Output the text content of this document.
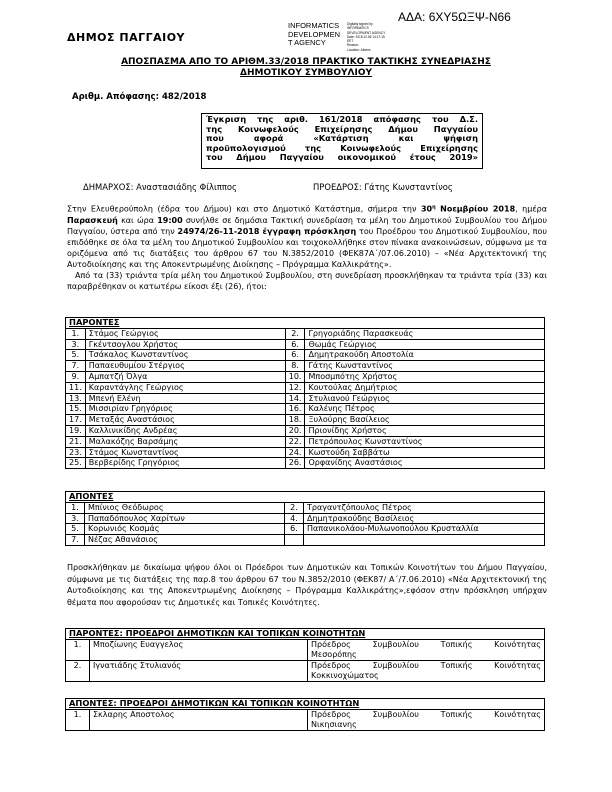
ΑΔΑ: 6ΧΥ5ΩΞΨ-Ν66
ΔΗΜΟΣ ΠΑΓΓΑΙΟΥ
INFORMATICS
DEVELOPMEN
T AGENCY
Digitally signed by
INFORMATICS
DEVELOPMENT AGENCY
Date: 2018.12.06 14:17:15
EET
Reason:
Location: Athens
ΑΠΟΣΠΑΣΜΑ ΑΠΟ ΤΟ ΑΡΙΘΜ.33/2018 ΠΡΑΚΤΙΚΟ ΤΑΚΤΙΚΗΣ ΣΥΝΕΔΡΙΑΣΗΣ
ΔΗΜΟΤΙΚΟΥ ΣΥΜΒΟΥΛΙΟΥ
Αριθμ. Απόφασης: 482/2018
Έγκριση της αριθ. 161/2018 απόφασης του Δ.Σ.
της Κοινωφελούς Επιχείρησης Δήμου Παγγαίου
που αφορά «Κατάρτιση και ψήφιση
προϋπολογισμού της Κοινωφελούς Επιχείρησης
του Δήμου Παγγαίου οικονομικού έτους 2019»
ΔΗΜΑΡΧΟΣ: Αναστασιάδης Φίλιππος	ΠΡΟΕΔΡΟΣ: Γάτης Κωνσταντίνος

Στην Ελευθερούπολη (έδρα του Δήμου) και στο Δημοτικό Κατάστημα, σήμερα την $30^\eta$ Νοεμβρίου 2018, ημέρα Παρασκευή και ώρα 19:00 συνήλθε σε δημόσια Τακτική συνεδρίαση τα μέλη του Δημοτικού Συμβουλίου του Δήμου Παγγαίου, ύστερα από την 24974/26-11-2018 έγγραφη πρόσκληση του Προέδρου του Δημοτικού Συμβουλίου, που επιδόθηκε σε όλα τα μέλη του Δημοτικού Συμβουλίου και τοιχοκολλήθηκε στον πίνακα ανακοινώσεων, σύμφωνα με τα οριζόμενα από τις διατάξεις του άρθρου 67 του Ν.3852/2010 (ΦΕΚ87Α΄/07.06.2010) – «Νέα Αρχιτεκτονική της Αυτοδιοίκησης και της Αποκεντρωμένης Διοίκησης – Πρόγραμμα Καλλικράτης».

Από τα (33) τριάντα τρία μέλη του Δημοτικού Συμβουλίου, στη συνεδρίαση προσκλήθηκαν τα τριάντα τρία (33) και παραβρέθηκαν οι κατωτέρω είκοσι έξι (26), ήτοι:

ΠΑΡΟΝΤΕΣ			
1.	Στάμος Γεώργιος	2.	Γρηγοριάδης Παρασκευάς
3.	Γκέντσογλου Χρήστος	6.	Θωμάς Γεώργιος
5.	Τσάκαλος Κωνσταντίνος	6.	Δημητρακούδη Αποστολία
7.	Παπαευθυμίου Στέργιος	8.	Γάτης Κωνσταντίνος
9.	Αμπατζή Όλγα	10.	Μποσμπότης Χρήστος
11.	Καραντάγλης Γεώργιος	12.	Κουτούλας Δημήτριος
13.	Μπενή Ελένη	14.	Στυλιανού Γεώργιος
15.	Μισσιρίαν Γρηγόριος	16.	Καλένης Πέτρος
17.	Μεταξάς Αναστάσιος	18.	Ξυλούρης Βασίλειος
19.	Καλλινικίδης Ανδρέας	20.	Πριονίδης Χρήστος
21.	Μαλακόζης Βαρσάμης	22.	Πετρόπουλος Κωνσταντίνος
23.	Στάμος Κωνσταντίνος	24.	Κωστούδη Σαββάτω
25.	Βερβερίδης Γρηγόριος	26.	Ορφανίδης Αναστάσιος
ΑΠΟΝΤΕΣ			
1.	Μπίνιος Θεόδωρος	2.	Τραγαντζόπουλος Πέτρος
3.	Παπαδόπουλος Χαρίτων	4.	Δημητρακούδης Βασίλειος
5.	Κορωνιός Κοσμάς	6.	Παπανικολάου-Μυλωνοπούλου Κρυσταλλία
7.	Νέζας Αθανάσιος		
Προσκλήθηκαν με δικαίωμα ψήφου όλοι οι Πρόεδροι των Δημοτικών και Τοπικών Κοινοτήτων του Δήμου Παγγαίου, σύμφωνα με τις διατάξεις της παρ.8 του άρθρου 67 του Ν.3852/2010 (ΦΕΚ87/ Α΄/7.06.2010) «Νέα Αρχιτεκτονική της Αυτοδιοίκησης και της Αποκεντρωμένης Διοίκησης – Πρόγραμμα Καλλικράτης»,εφόσον στην πρόσκληση υπήρχαν θέματα που αφορούσαν τις Δημοτικές και Τοπικές Κοινότητες.
ΠΑΡΟΝΤΕΣ: ΠΡΟΕΔΡΟΙ ΔΗΜΟΤΙΚΩΝ ΚΑΙ ΤΟΠΙΚΩΝ ΚΟΙΝΟΤΗΤΩΝ		
1.	Μποζίωνης Ευαγγελος	Πρόεδρος Συμβουλίου Τοπικής Κοινότητας
Μεσορόπης

2.	Ιγνατιάδης Στυλιανός	Πρόεδρος Συμβουλίου Τοπικής Κοινότητας
Κοκκινοχώματος
ΑΠΟΝΤΕΣ: ΠΡΟΕΔΡΟΙ ΔΗΜΟΤΙΚΩΝ ΚΑΙ ΤΟΠΙΚΩΝ ΚΟΙΝΟΤΗΤΩΝ
1.	Σκλαρης Αποστολος	Πρόεδρος	Συμβουλίου	Τοπικής	Κοινότητας
Νικησιανης
